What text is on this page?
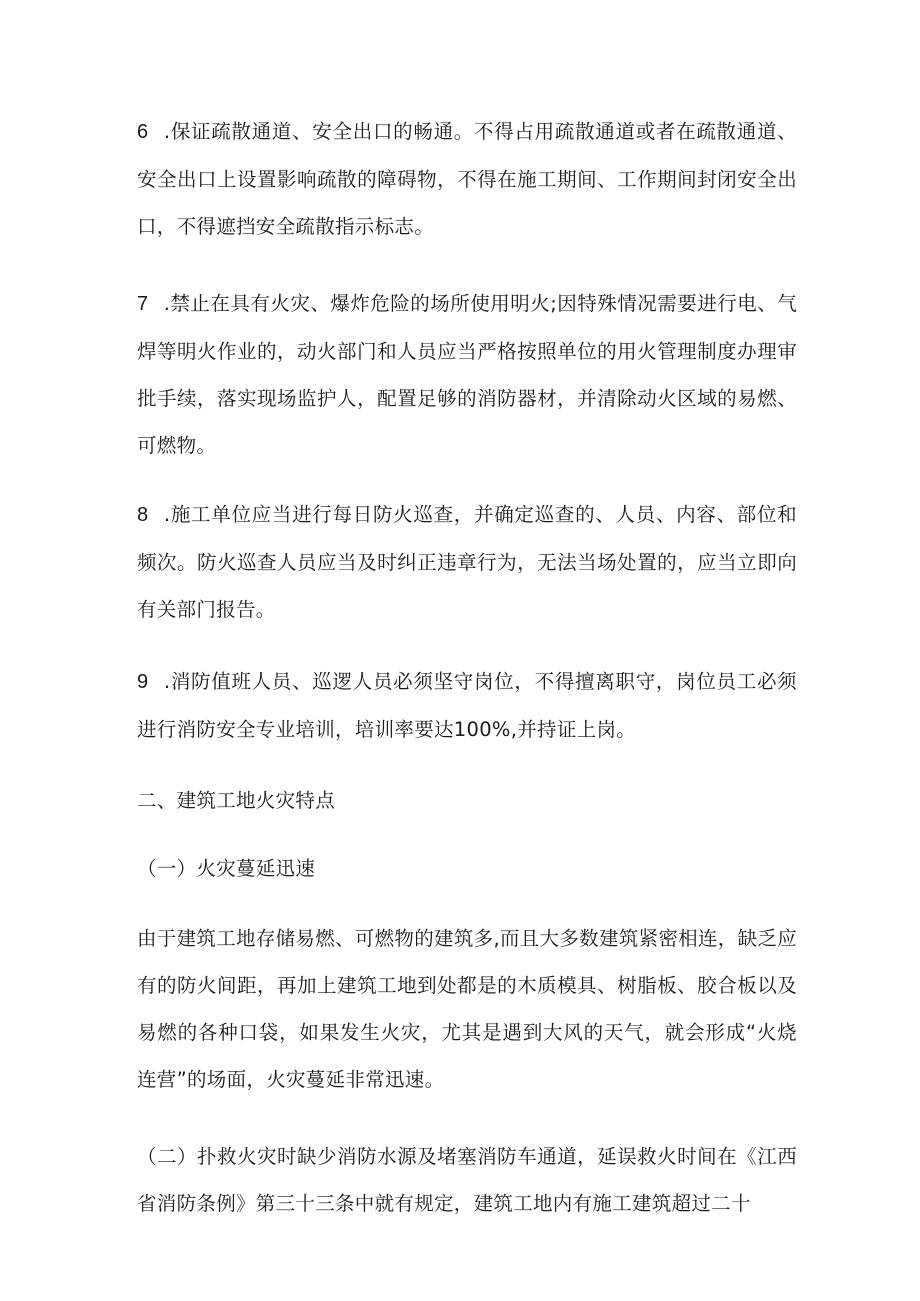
6 .保证疏散通道、安全出口的畅通。不得占用疏散通道或者在疏散通道、安全出口上设置影响疏散的障碍物，不得在施工期间、工作期间封闭安全出口，不得遮挡安全疏散指示标志。

7 .禁止在具有火灾、爆炸危险的场所使用明火;因特殊情况需要进行电、气焊等明火作业的，动火部门和人员应当严格按照单位的用火管理制度办理审批手续，落实现场监护人，配置足够的消防器材，并清除动火区域的易燃、可燃物。

8 .施工单位应当进行每日防火巡查，并确定巡查的、人员、内容、部位和频次。防火巡查人员应当及时纠正违章行为，无法当场处置的，应当立即向有关部门报告。

9 .消防值班人员、巡逻人员必须坚守岗位，不得擅离职守，岗位员工必须进行消防安全专业培训，培训率要达100%,并持证上岗。

二、建筑工地火灾特点

（一）火灾蔓延迅速

由于建筑工地存储易燃、可燃物的建筑多,而且大多数建筑紧密相连，缺乏应有的防火间距，再加上建筑工地到处都是的木质模具、树脂板、胶合板以及易燃的各种口袋，如果发生火灾，尤其是遇到大风的天气，就会形成“火烧连营”的场面，火灾蔓延非常迅速。

（二）扑救火灾时缺少消防水源及堵塞消防车通道，延误救火时间在《江西省消防条例》第三十三条中就有规定，建筑工地内有施工建筑超过二十
